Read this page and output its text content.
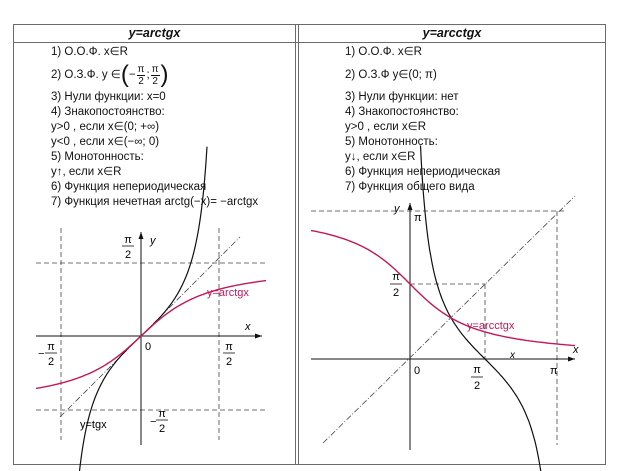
y=arctgx	y=arcctgx
1) О.О.Ф. x∈R
2) О.З.Ф. y ∈ ( − $\frac{\pi}{2}$ ; $\frac{\pi}{2}$ )
3) Нули функции: x=0
4) Знакопостоянство:
y>0 , если x∈(0; +∞)
y<0 , если x∈(−∞; 0)
5) Монотонность:
y↑, если x∈R
6) Функция непериодическая
7) Функция нечетная arctg(−x)= −arctgx
1) О.О.Ф. x∈R
2) О.З.Ф y∈(0; π)
3) Нули функции: нет
4) Знакопостоянство:
y>0 , если x∈R
5) Монотонность:
y↓, если x∈R
6) Функция непериодическая
7) Функция общего вида
y
x
0
π
2
−
π
2
−
π
2
π
2
y=arctgx
y=tgx
y
π
x
x
0	π
π
2
π
2
y=arcctgx
